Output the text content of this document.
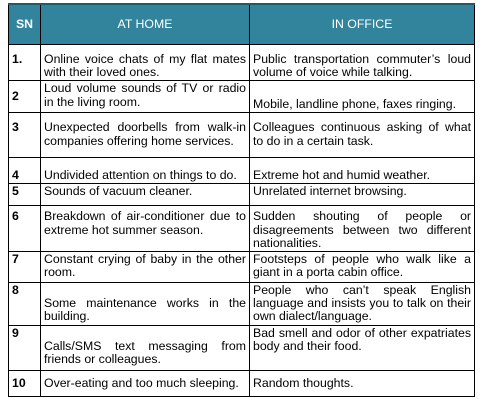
SN	AT HOME	IN OFFICE
1.	Online voice chats of my flat mates with their loved ones.	Public transportation commuter’s loud volume of voice while talking.

2	Loud volume sounds of TV or radio in the living room.	Mobile, landline phone, faxes ringing.

3	Unexpected doorbells from walk-in companies offering home services.	Colleagues continuous asking of what to do in a certain task.

4	Undivided attention on things to do.	Extreme hot and humid weather.

5	Sounds of vacuum cleaner.	Unrelated internet browsing.

6	Breakdown of air-conditioner due to extreme hot summer season.	Sudden shouting of people or disagreements between two different nationalities.

7	Constant crying of baby in the other room.	Footsteps of people who walk like a giant in a porta cabin office.

8	Some maintenance works in the building.	People who can’t speak English language and insists you to talk on their own dialect/language.

9	Calls/SMS text messaging from friends or colleagues.	Bad smell and odor of other expatriates body and their food.

10	Over-eating and too much sleeping.	Random thoughts.
